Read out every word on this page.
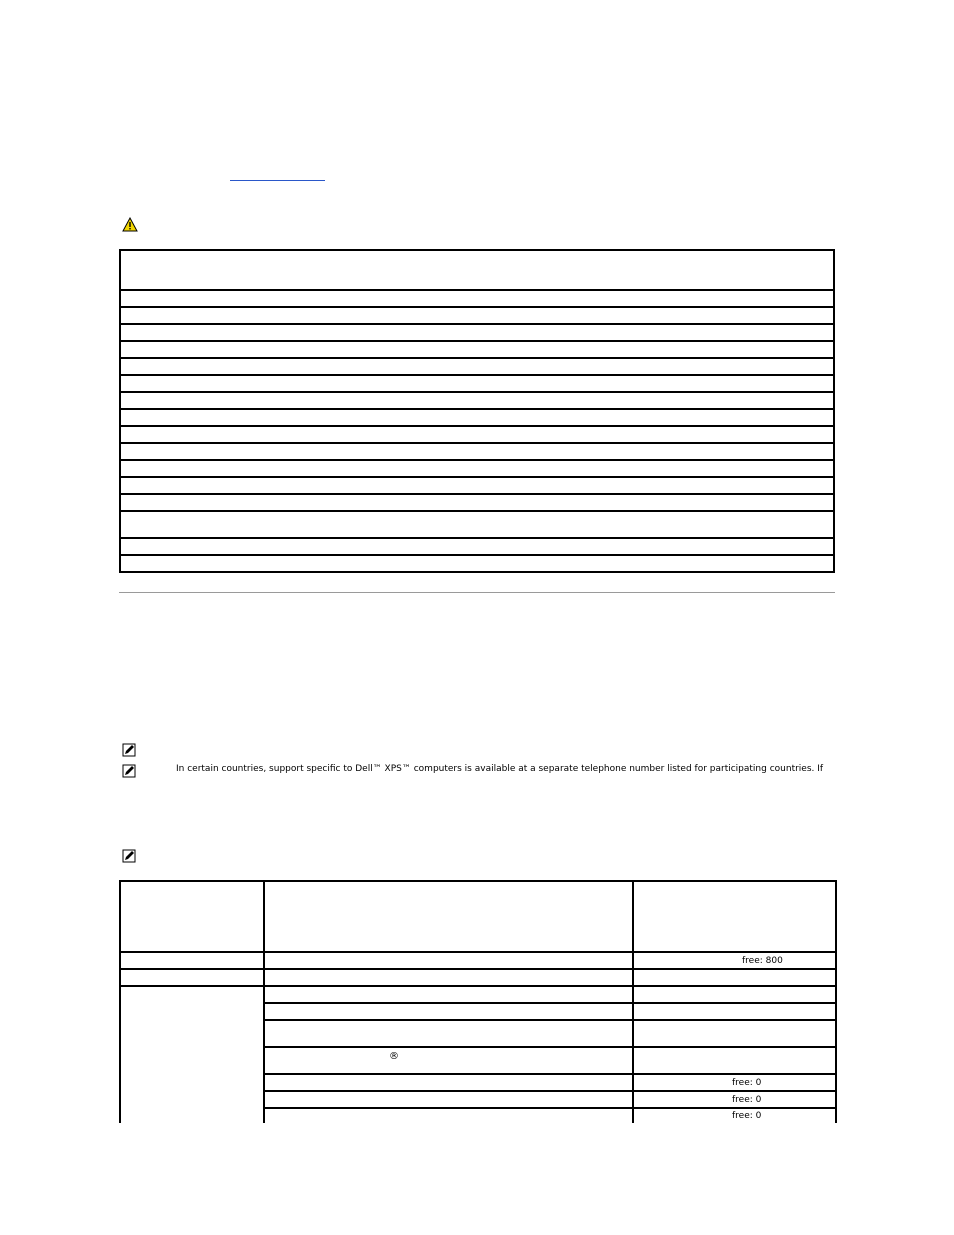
In certain countries, support specific to Dell™ XPS™ computers is available at a separate telephone number listed for participating countries. If

		free: 800

	®	

		free: 0
		free: 0
		free: 0
